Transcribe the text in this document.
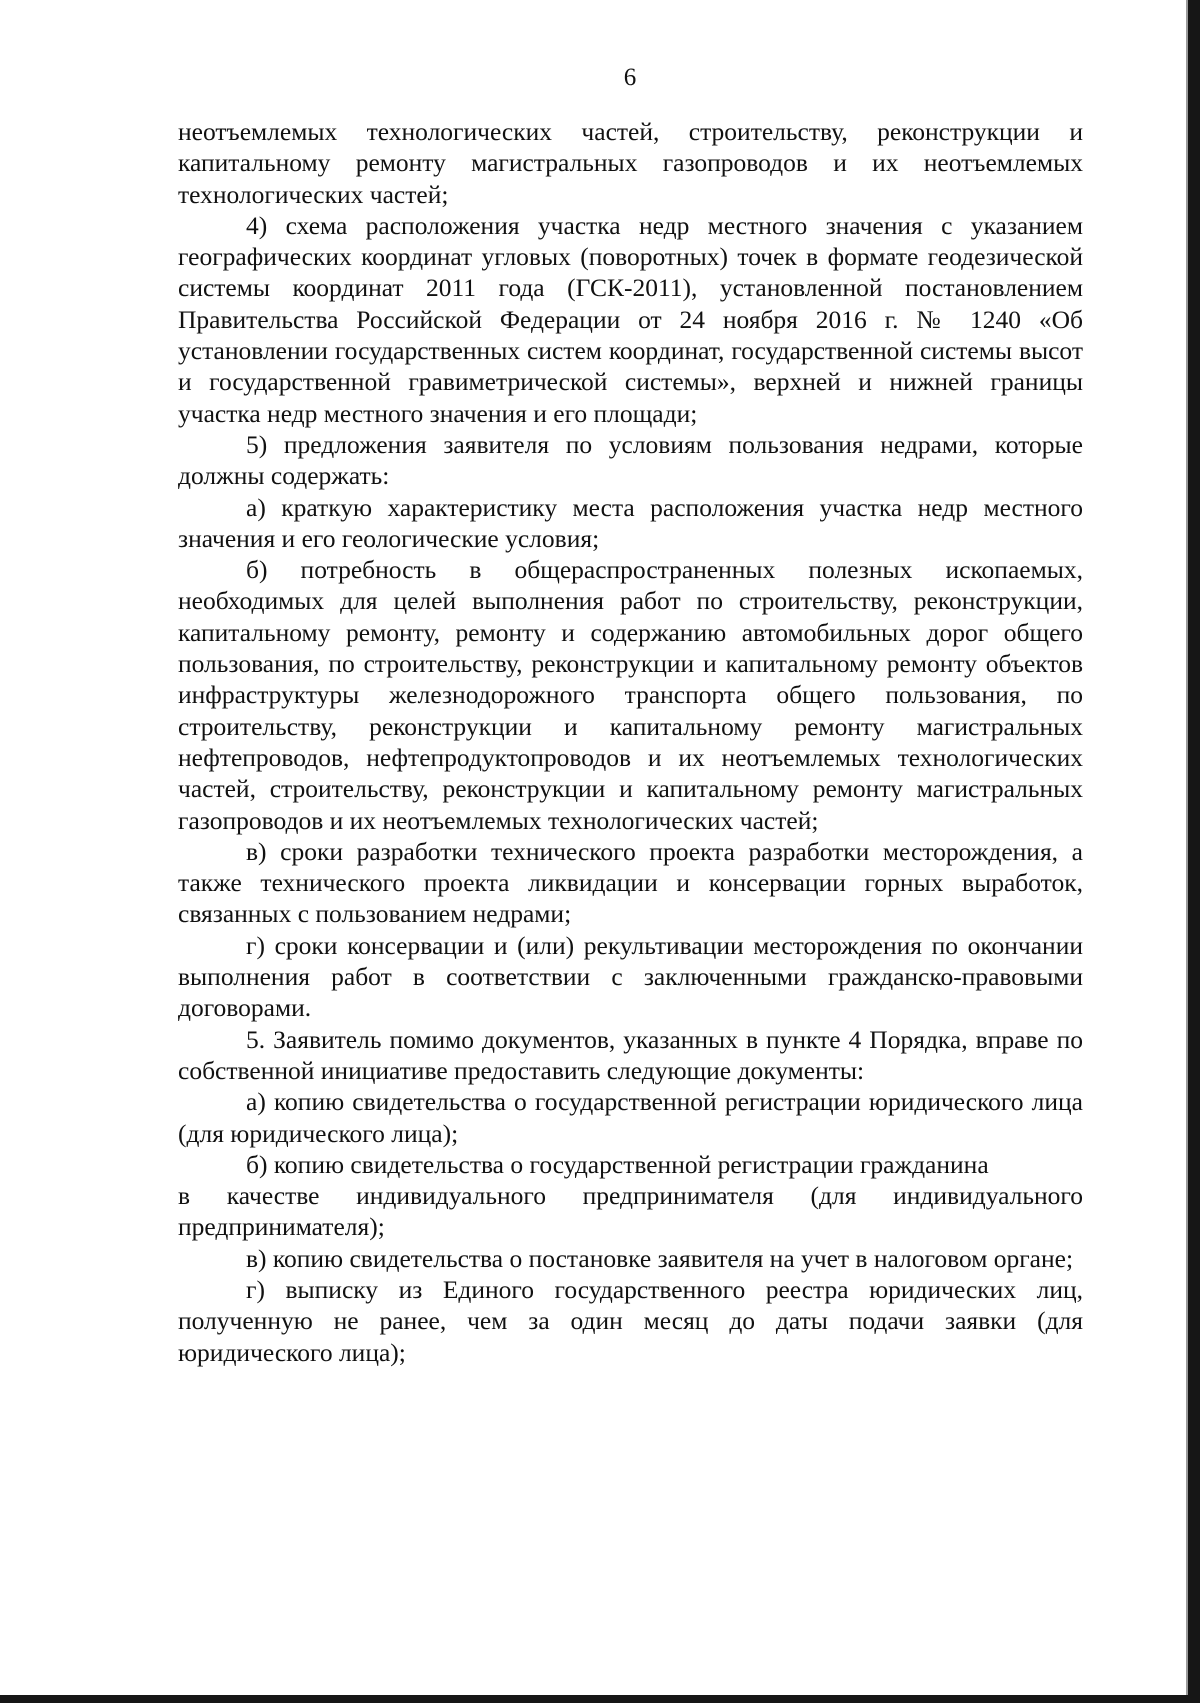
6

неотъемлемых технологических частей, строительству, реконструкции и капитальному ремонту магистральных газопроводов и их неотъемлемых технологических частей;

4) схема расположения участка недр местного значения с указанием географических координат угловых (поворотных) точек в формате геодезической системы координат 2011 года (ГСК-2011), установленной постановлением Правительства Российской Федерации от 24 ноября 2016 г. № 1240 «Об установлении государственных систем координат, государственной системы высот и государственной гравиметрической системы», верхней и нижней границы участка недр местного значения и его площади;

5) предложения заявителя по условиям пользования недрами, которые должны содержать:

а) краткую характеристику места расположения участка недр местного значения и его геологические условия;

б) потребность в общераспространенных полезных ископаемых, необходимых для целей выполнения работ по строительству, реконструкции, капитальному ремонту, ремонту и содержанию автомобильных дорог общего пользования, по строительству, реконструкции и капитальному ремонту объектов инфраструктуры железнодорожного транспорта общего пользования, по строительству, реконструкции и капитальному ремонту магистральных нефтепроводов, нефтепродуктопроводов и их неотъемлемых технологических частей, строительству, реконструкции и капитальному ремонту магистральных газопроводов и их неотъемлемых технологических частей;

в) сроки разработки технического проекта разработки месторождения, а также технического проекта ликвидации и консервации горных выработок, связанных с пользованием недрами;

г) сроки консервации и (или) рекультивации месторождения по окончании выполнения работ в соответствии с заключенными гражданско-правовыми договорами.

5. Заявитель помимо документов, указанных в пункте 4 Порядка, вправе по собственной инициативе предоставить следующие документы:

а) копию свидетельства о государственной регистрации юридического лица (для юридического лица);

б) копию свидетельства о государственной регистрации гражданина

в качестве индивидуального предпринимателя (для индивидуального предпринимателя);

в) копию свидетельства о постановке заявителя на учет в налоговом органе;

г) выписку из Единого государственного реестра юридических лиц, полученную не ранее, чем за один месяц до даты подачи заявки (для юридического лица);
